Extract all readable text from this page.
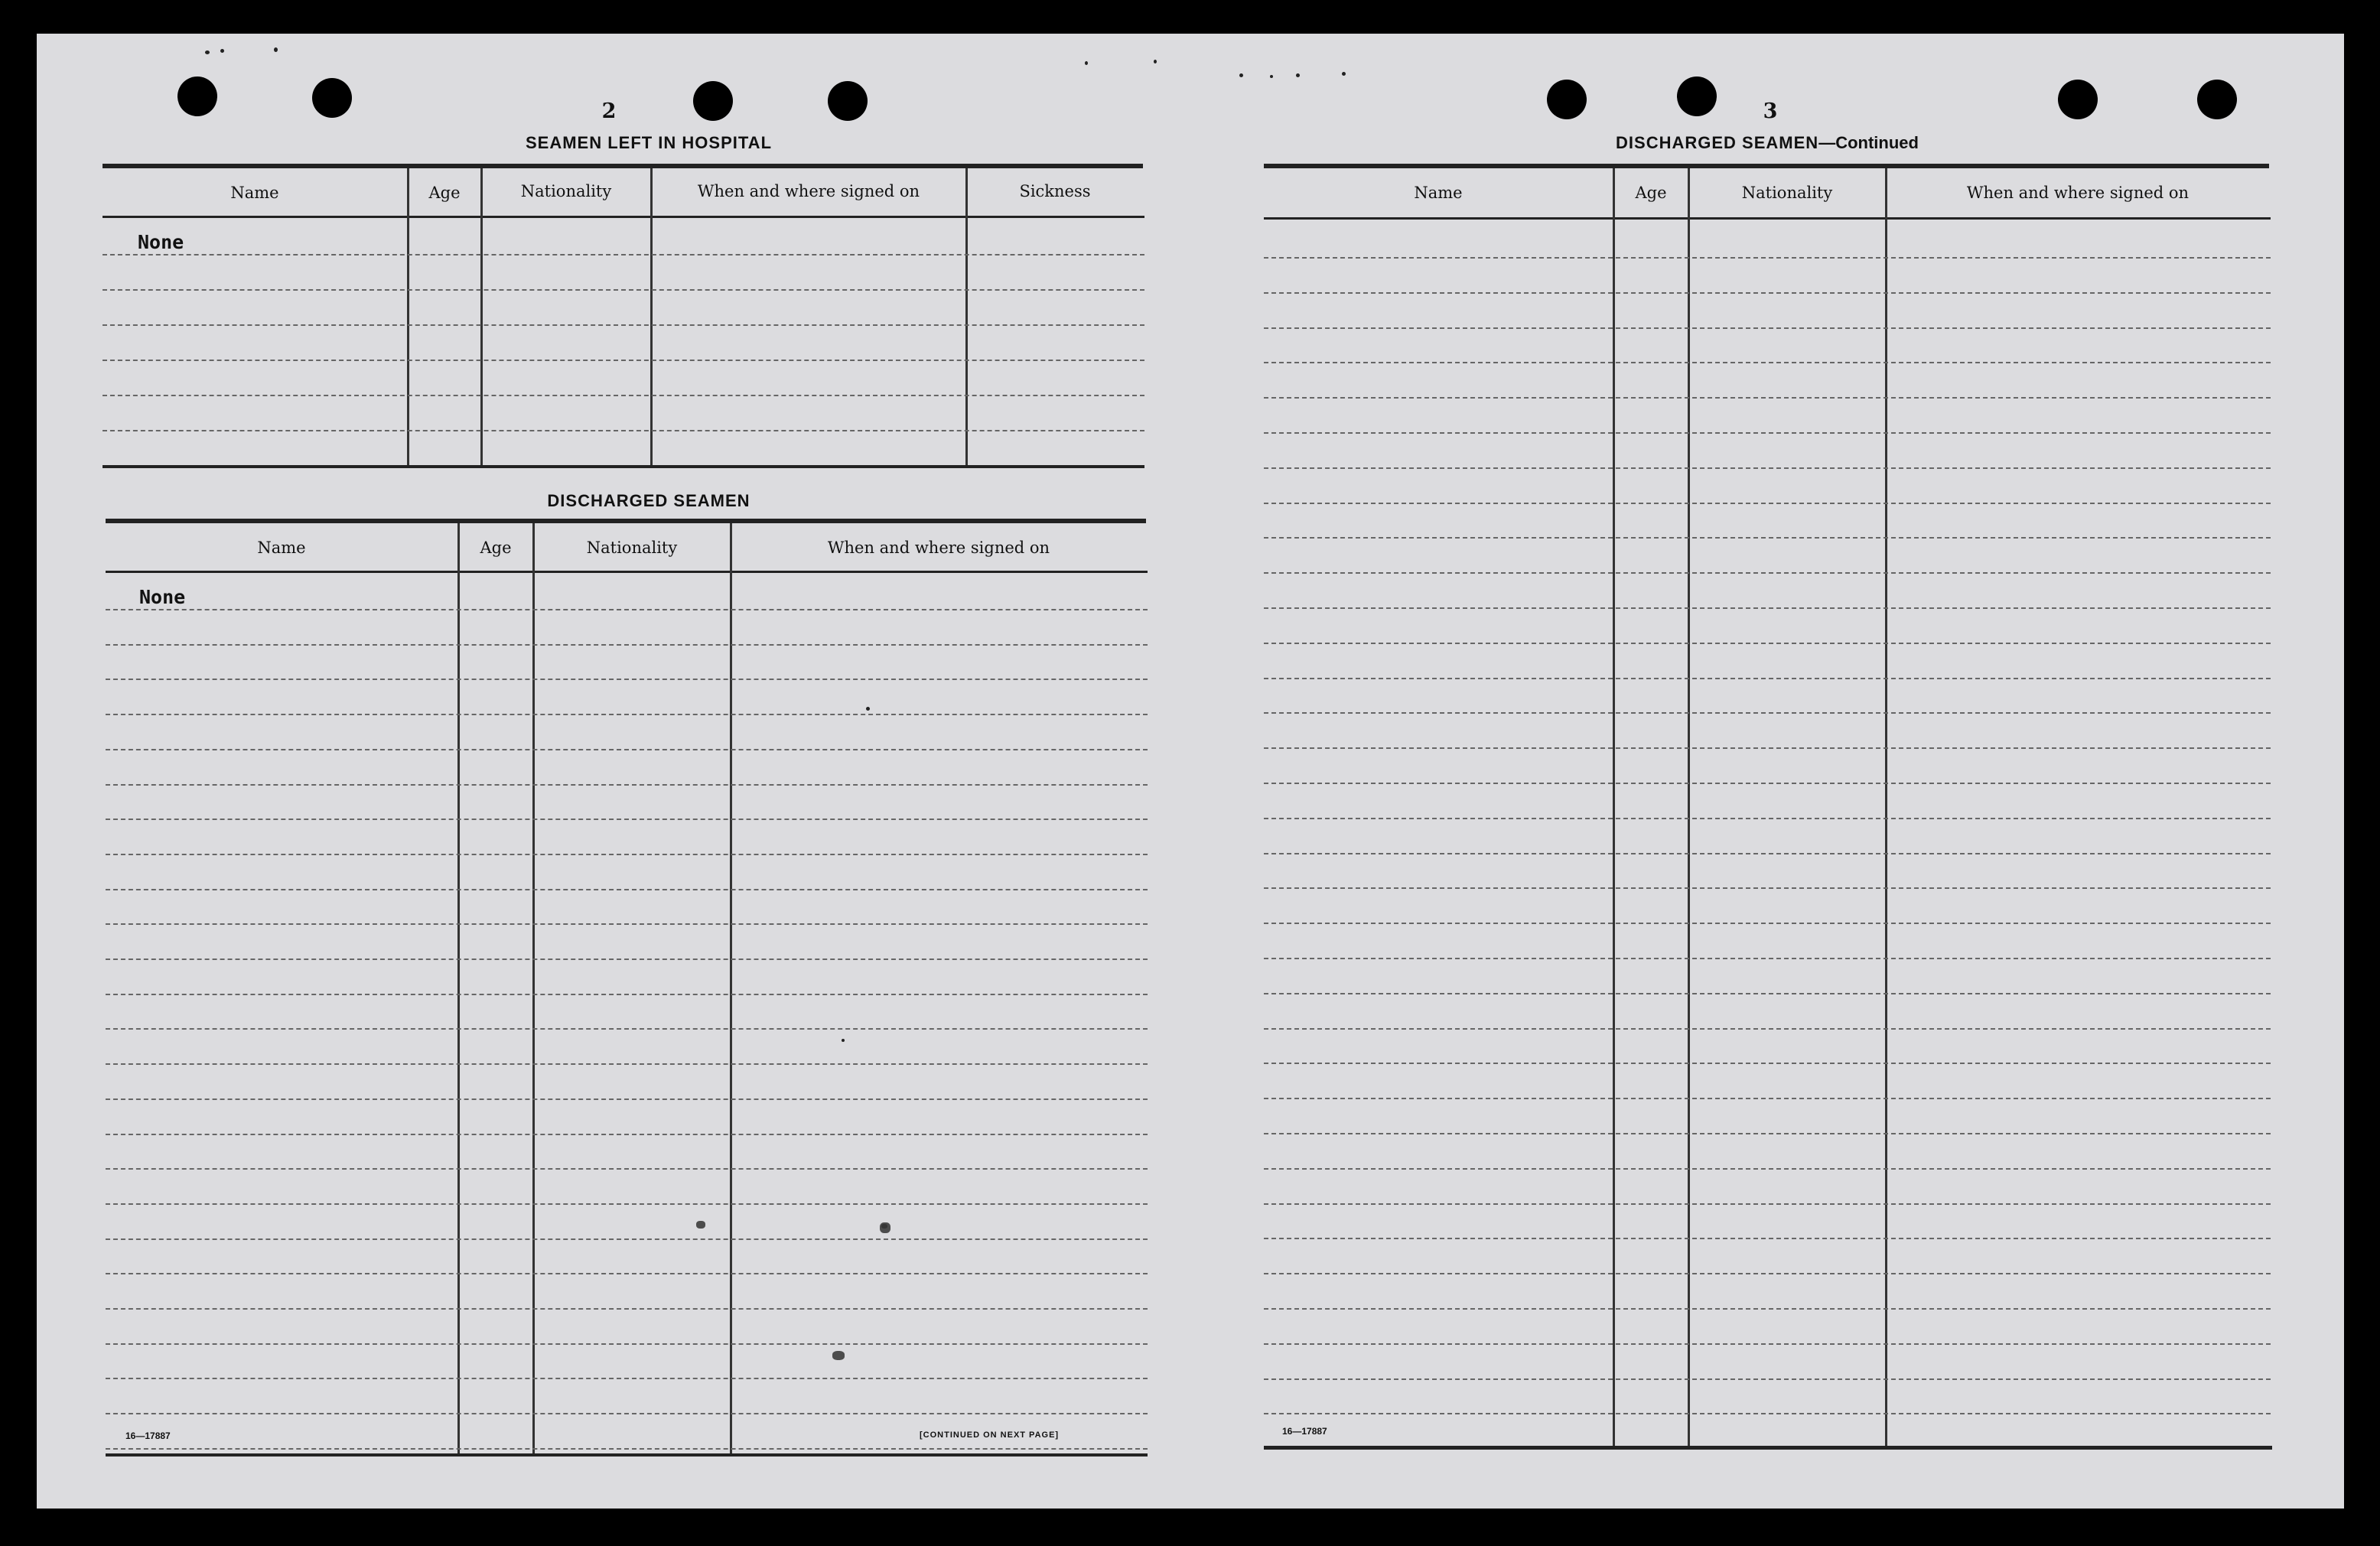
2
SEAMEN LEFT IN HOSPITAL
Name	Age	Nationality	When and where signed on	Sickness
None
DISCHARGED SEAMEN
Name	Age	Nationality	When and where signed on
None
16—17887	[CONTINUED ON NEXT PAGE]
3
DISCHARGED SEAMEN—Continued
Name	Age	Nationality	When and where signed on
16—17887
